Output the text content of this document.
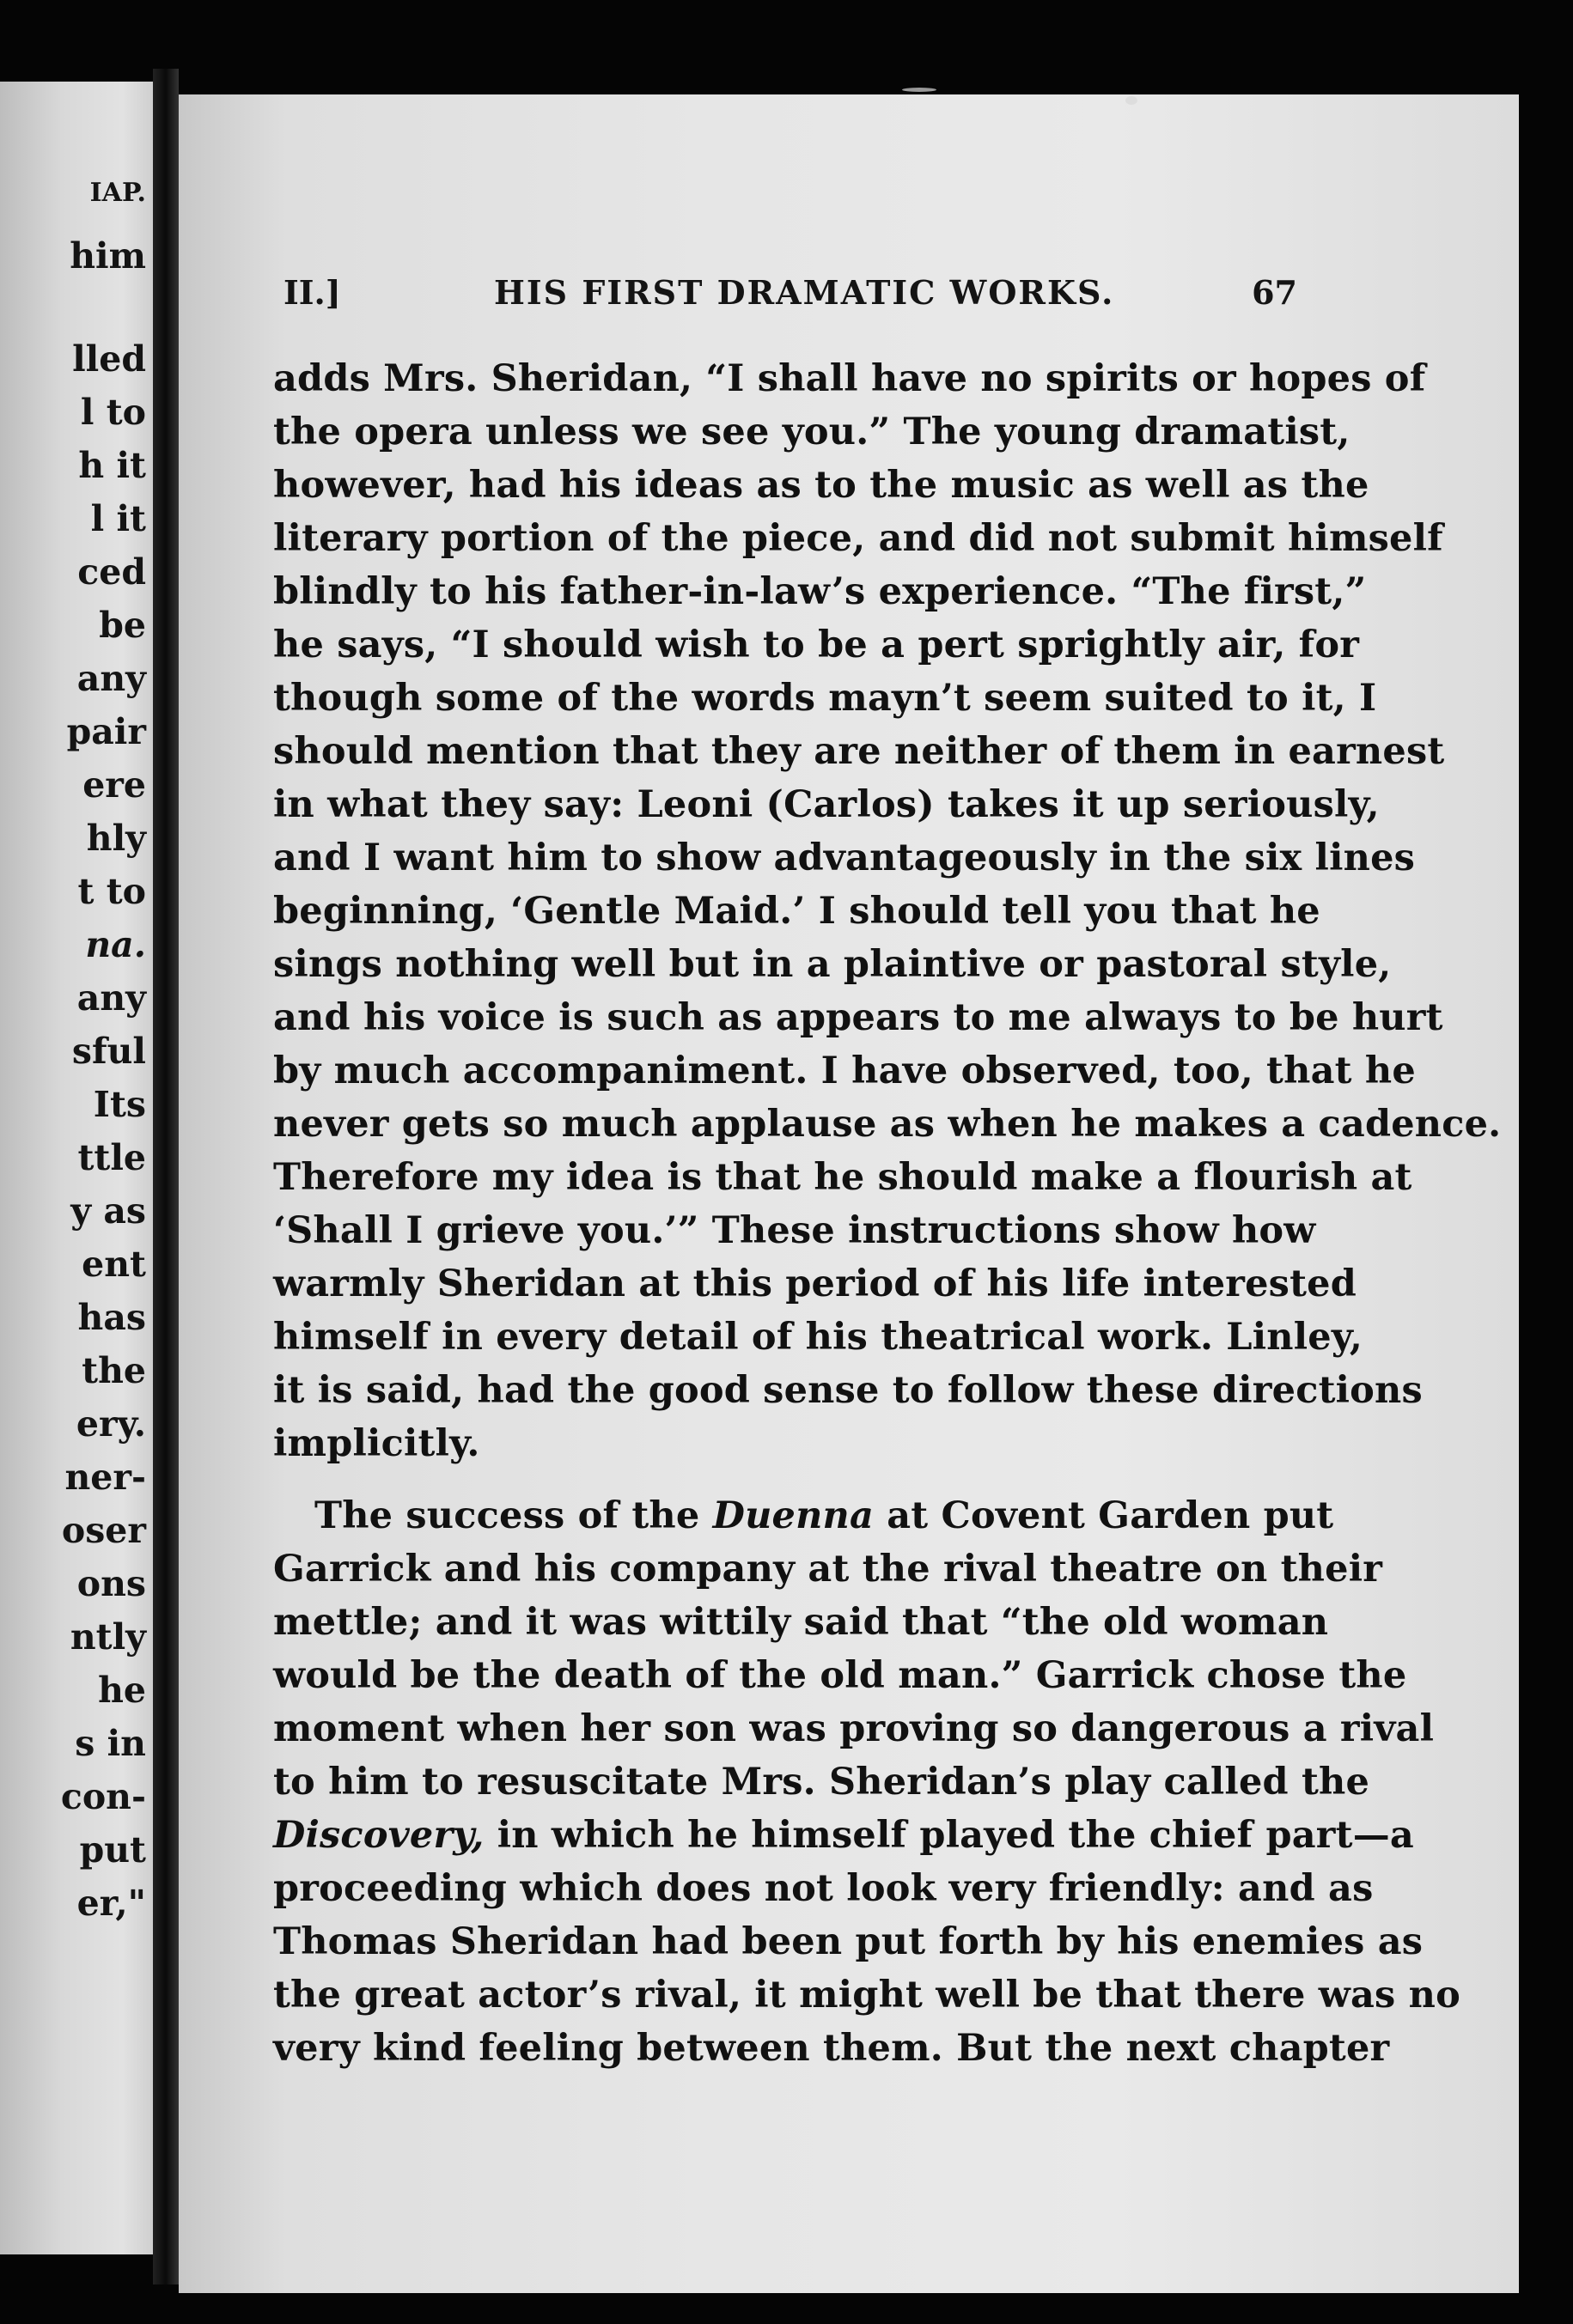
IAP.
him
lled
l to
h it
l it
ced
be
any
pair
ere
hly
t to
na.
any
sful
Its
ttle
y as
ent
has
the
ery.
ner-
oser
ons
ntly
he
s in
con-
put
er,"
II.]	HIS FIRST DRAMATIC WORKS.	67
adds Mrs. Sheridan, “I shall have no spirits or hopes of
the opera unless we see you.” The young dramatist,
however, had his ideas as to the music as well as the
literary portion of the piece, and did not submit himself
blindly to his father-in-law’s experience. “The first,”
he says, “I should wish to be a pert sprightly air, for
though some of the words mayn’t seem suited to it, I
should mention that they are neither of them in earnest
in what they say: Leoni (Carlos) takes it up seriously,
and I want him to show advantageously in the six lines
beginning, ‘Gentle Maid.’ I should tell you that he
sings nothing well but in a plaintive or pastoral style,
and his voice is such as appears to me always to be hurt
by much accompaniment. I have observed, too, that he
never gets so much applause as when he makes a cadence.
Therefore my idea is that he should make a flourish at
‘Shall I grieve you.’” These instructions show how
warmly Sheridan at this period of his life interested
himself in every detail of his theatrical work. Linley,
it is said, had the good sense to follow these directions
implicitly.
The success of the Duenna at Covent Garden put
Garrick and his company at the rival theatre on their
mettle; and it was wittily said that “the old woman
would be the death of the old man.” Garrick chose the
moment when her son was proving so dangerous a rival
to him to resuscitate Mrs. Sheridan’s play called the
Discovery, in which he himself played the chief part—a
proceeding which does not look very friendly: and as
Thomas Sheridan had been put forth by his enemies as
the great actor’s rival, it might well be that there was no
very kind feeling between them. But the next chapter
